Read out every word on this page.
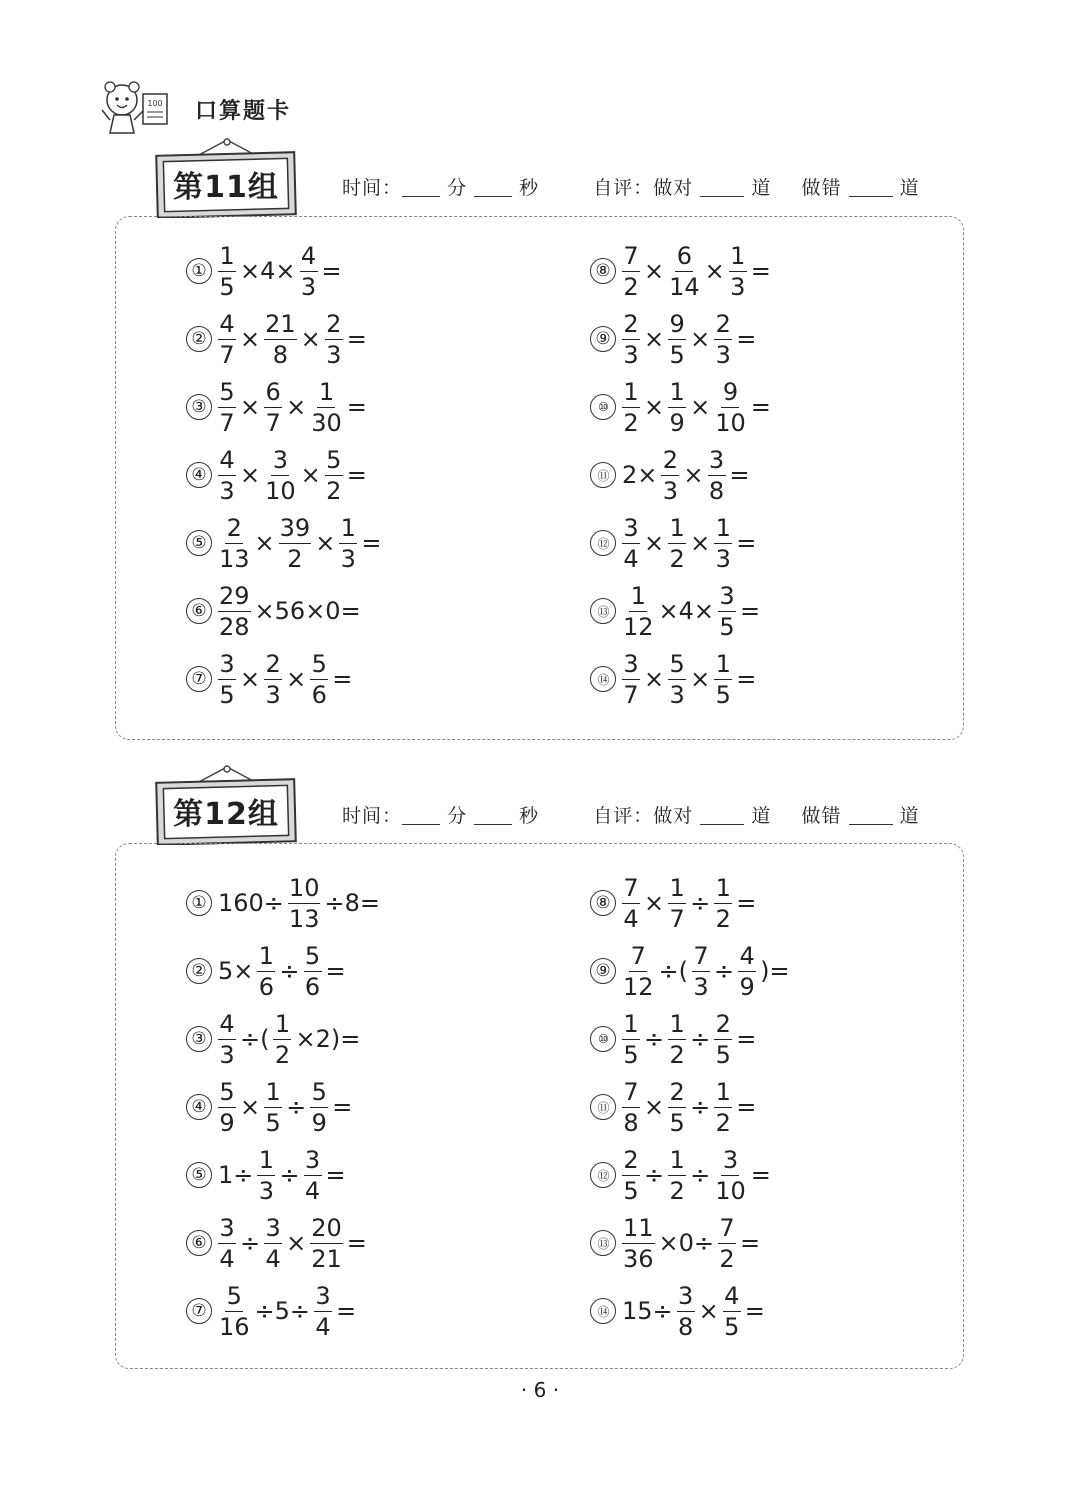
100 口算题卡
第11组	时间： 分	秒	自评：做对	道 做错	道
① $\frac{1}{5} \times 4\times \frac{4}{3}$ =
② $\frac{4}{7} \times \frac{21}{8} \times \frac{2}{3}$ =
③ $\frac{5}{7} \times \frac{6}{7} \times \frac{1}{30}$ =
④ $\frac{4}{3} \times \frac{3}{10} \times \frac{5}{2}$ =
⑤ $\frac{2}{13} \times \frac{39}{2} \times \frac{1}{3}$ =
⑥ $\frac{29}{28} \times 56\times 0=$
⑦ $\frac{3}{5} \times \frac{2}{3} \times \frac{5}{6}$ =
⑧ $\frac{7}{2} \times \frac{6}{14} \times \frac{1}{3}$ =
⑨ $\frac{2}{3} \times \frac{9}{5} \times \frac{2}{3}$ =
⑩ $\frac{1}{2} \times \frac{1}{9} \times \frac{9}{10}$ =
⑪ $2\times \frac{2}{3} \times \frac{3}{8}$ =
⑫ $\frac{3}{4} \times \frac{1}{2} \times \frac{1}{3}$ =
⑬ $\frac{1}{12} \times 4\times \frac{3}{5}$ =
⑭ $\frac{3}{7} \times \frac{5}{3} \times \frac{1}{5}$ =
第12组	时间： 分	秒	自评：做对	道 做错	道
① $160\div \frac{10}{13} \div 8=$
② $5\times \frac{1}{6} \div \frac{5}{6}$ =
③ $\frac{4}{3}$ ÷( $\frac{1}{2} \times 2)=$
④ $\frac{5}{9} \times \frac{1}{5} \div \frac{5}{9}$ =
⑤ $1\div \frac{1}{3} \div \frac{3}{4}$ =
⑥ $\frac{3}{4} \div \frac{3}{4} \times \frac{20}{21}$ =
⑦ $\frac{5}{16} \div 5\div \frac{3}{4}$ =
⑧ $\frac{7}{4} \times \frac{1}{7} \div \frac{1}{2}$ =
⑨ $\frac{7}{12}$ ÷( $\frac{7}{3} \div \frac{4}{9}$ )=
⑩ $\frac{1}{5} \div \frac{1}{2} \div \frac{2}{5}$ =
⑪ $\frac{7}{8} \times \frac{2}{5} \div \frac{1}{2}$ =
⑫ $\frac{2}{5} \div \frac{1}{2} \div \frac{3}{10}$ =
⑬ $\frac{11}{36} \times 0\div \frac{7}{2}$ =
⑭ $15\div \frac{3}{8} \times \frac{4}{5}$ =
· 6 ·
